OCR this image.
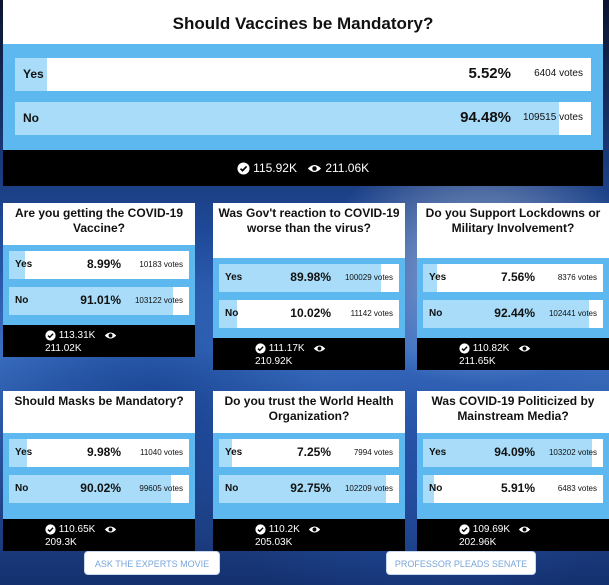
Should Vaccines be Mandatory?
Yes	5.52% 6404 votes
No	94.48% 109515 votes
115.92K 211.06K
Are you getting the COVID-19 Vaccine?
Yes	8.99% 10183 votes
No	91.01% 103122 votes
113.31K
211.02K
Was Gov't reaction to COVID-19 worse than the virus?
Yes	89.98% 100029 votes
No	10.02% 11142 votes
111.17K
210.92K
Do you Support Lockdowns or Military Involvement?
Yes	7.56%	8376 votes
No	92.44% 102441 votes
110.82K
211.65K
Should Masks be Mandatory?
Yes	9.98% 11040 votes
No	90.02% 99605 votes
110.65K
209.3K
Do you trust the World Health Organization?
Yes	7.25%	7994 votes
No	92.75% 102209 votes
110.2K
205.03K
Was COVID-19 Politicized by Mainstream Media?
Yes	94.09% 103202 votes
No	5.91%	6483 votes
109.69K
202.96K
ASK THE EXPERTS MOVIE	PROFESSOR PLEADS SENATE
